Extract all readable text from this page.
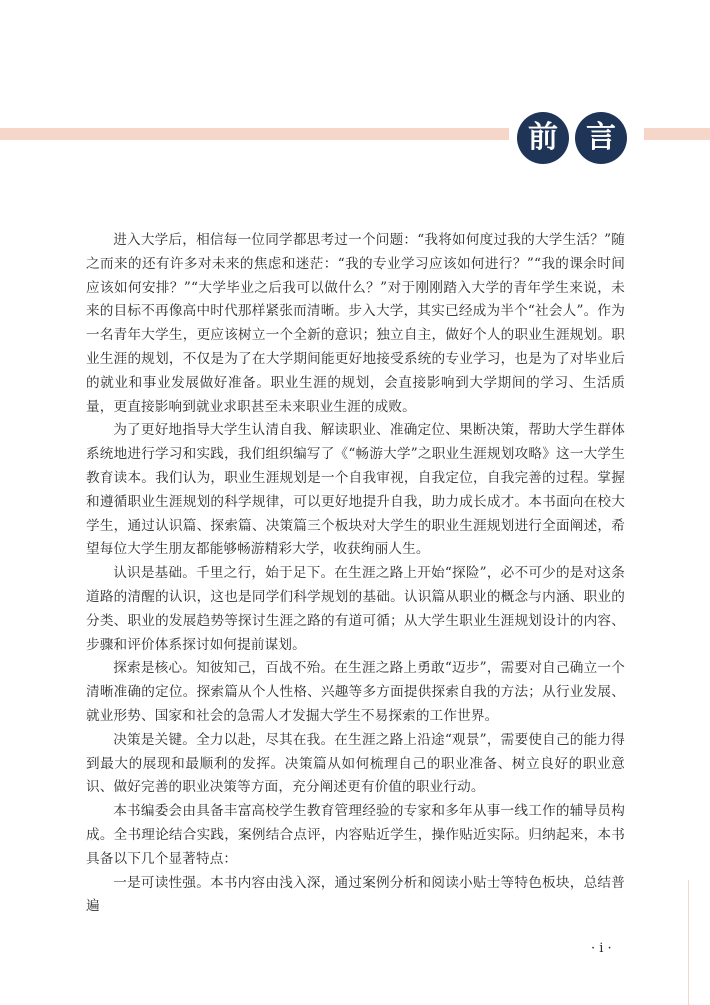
前 言

进入大学后，相信每一位同学都思考过一个问题：“我将如何度过我的大学生活？”随之而来的还有许多对未来的焦虑和迷茫：“我的专业学习应该如何进行？”“我的课余时间应该如何安排？”“大学毕业之后我可以做什么？”对于刚刚踏入大学的青年学生来说，未来的目标不再像高中时代那样紧张而清晰。步入大学，其实已经成为半个“社会人”。作为一名青年大学生，更应该树立一个全新的意识；独立自主，做好个人的职业生涯规划。职业生涯的规划，不仅是为了在大学期间能更好地接受系统的专业学习，也是为了对毕业后的就业和事业发展做好准备。职业生涯的规划，会直接影响到大学期间的学习、生活质量，更直接影响到就业求职甚至未来职业生涯的成败。

为了更好地指导大学生认清自我、解读职业、准确定位、果断决策，帮助大学生群体系统地进行学习和实践，我们组织编写了《“畅游大学”之职业生涯规划攻略》这一大学生教育读本。我们认为，职业生涯规划是一个自我审视，自我定位，自我完善的过程。掌握和遵循职业生涯规划的科学规律，可以更好地提升自我，助力成长成才。本书面向在校大学生，通过认识篇、探索篇、决策篇三个板块对大学生的职业生涯规划进行全面阐述，希望每位大学生朋友都能够畅游精彩大学，收获绚丽人生。

认识是基础。千里之行，始于足下。在生涯之路上开始“探险”，必不可少的是对这条道路的清醒的认识，这也是同学们科学规划的基础。认识篇从职业的概念与内涵、职业的分类、职业的发展趋势等探讨生涯之路的有道可循；从大学生职业生涯规划设计的内容、步骤和评价体系探讨如何提前谋划。

探索是核心。知彼知己，百战不殆。在生涯之路上勇敢“迈步”，需要对自己确立一个清晰准确的定位。探索篇从个人性格、兴趣等多方面提供探索自我的方法；从行业发展、就业形势、国家和社会的急需人才发掘大学生不易探索的工作世界。

决策是关键。全力以赴，尽其在我。在生涯之路上沿途“观景”，需要使自己的能力得到最大的展现和最顺利的发挥。决策篇从如何梳理自己的职业准备、树立良好的职业意识、做好完善的职业决策等方面，充分阐述更有价值的职业行动。

本书编委会由具备丰富高校学生教育管理经验的专家和多年从事一线工作的辅导员构成。全书理论结合实践，案例结合点评，内容贴近学生，操作贴近实际。归纳起来，本书具备以下几个显著特点：

一是可读性强。本书内容由浅入深，通过案例分析和阅读小贴士等特色板块，总结普遍

· i ·
